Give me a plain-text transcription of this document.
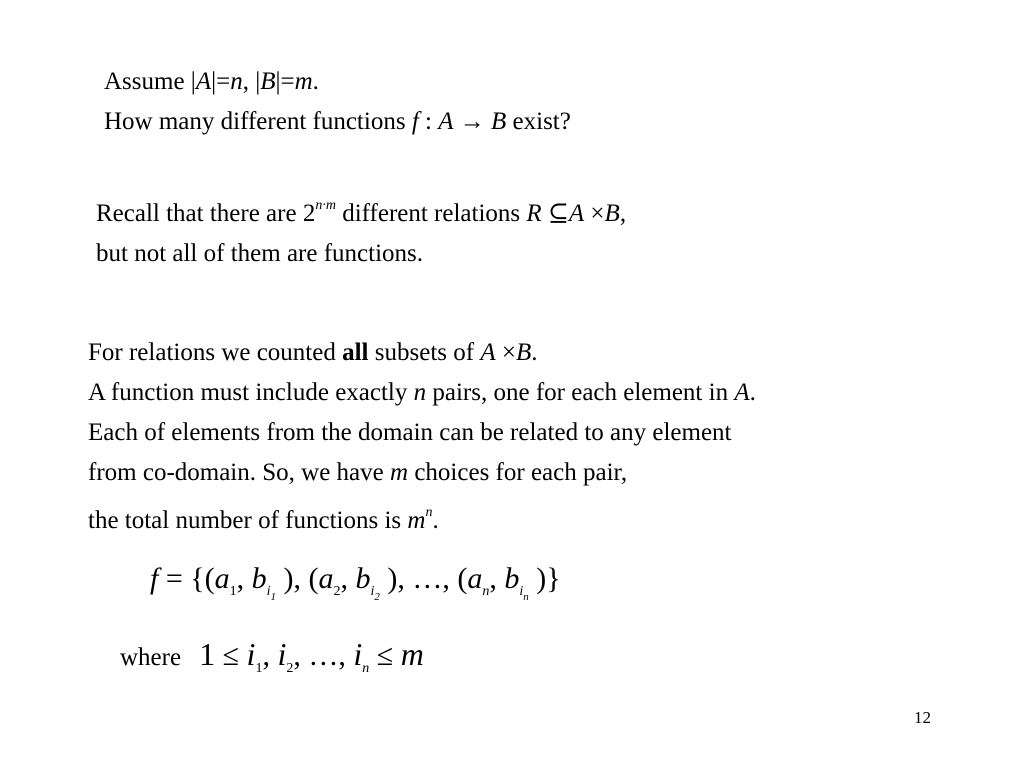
Assume |A|=n, |B|=m.
How many different functions f : A → B exist?
Recall that there are $2^{n\cdot m}$ different relations R ⊆A ×B,
but not all of them are functions.
For relations we counted all subsets of A ×B.
A function must include exactly n pairs, one for each element in A.
Each of elements from the domain can be related to any element
from co-domain. So, we have m choices for each pair,
the total number of functions is $m^n$.
$f = \{(a_1$, $b_{i1}$ ), ($a_2$, $b_{i2}$ ), …, ($a_n$, $b_{in}$ )}
where $1 \le i_1$, $i_2$, …, $i_n \le m$
12
